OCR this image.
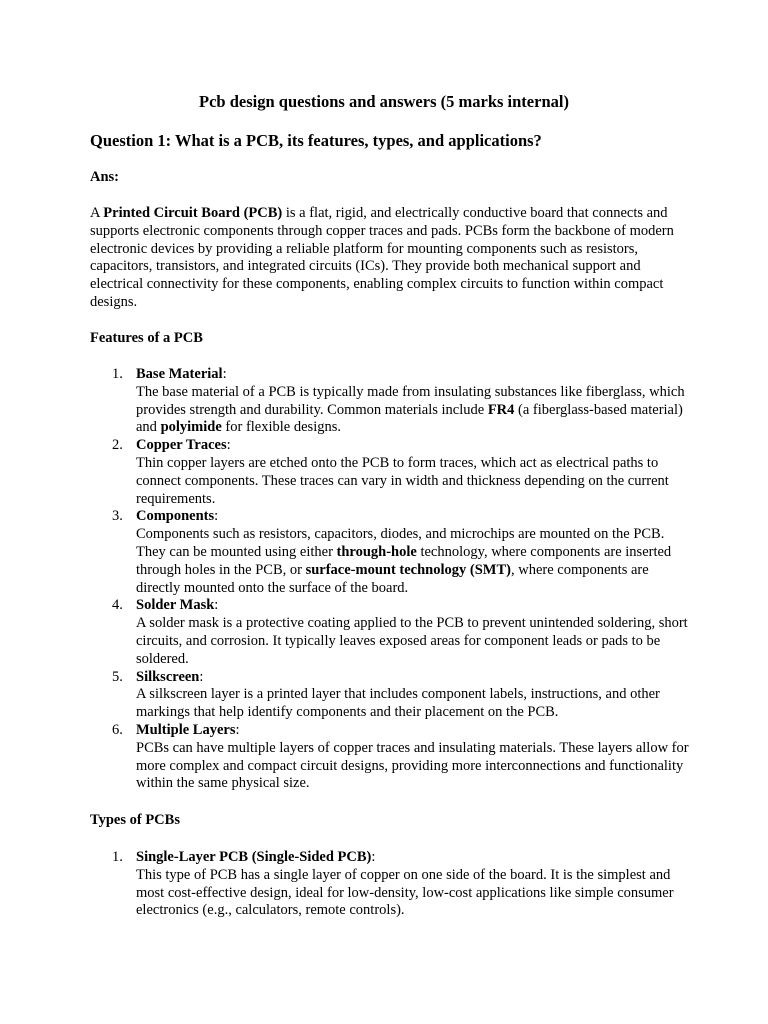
Pcb design questions and answers (5 marks internal)
Question 1: What is a PCB, its features, types, and applications?

Ans:

A Printed Circuit Board (PCB) is a flat, rigid, and electrically conductive board that connects and supports electronic components through copper traces and pads. PCBs form the backbone of modern electronic devices by providing a reliable platform for mounting components such as resistors, capacitors, transistors, and integrated circuits (ICs). They provide both mechanical support and electrical connectivity for these components, enabling complex circuits to function within compact designs.

Features of a PCB
1. Base Material:
The base material of a PCB is typically made from insulating substances like fiberglass, which provides strength and durability. Common materials include FR4 (a fiberglass-based material) and polyimide for flexible designs.
2. Copper Traces:
Thin copper layers are etched onto the PCB to form traces, which act as electrical paths to connect components. These traces can vary in width and thickness depending on the current requirements.
3. Components:
Components such as resistors, capacitors, diodes, and microchips are mounted on the PCB. They can be mounted using either through-hole technology, where components are inserted through holes in the PCB, or surface-mount technology (SMT), where components are directly mounted onto the surface of the board.
4. Solder Mask:
A solder mask is a protective coating applied to the PCB to prevent unintended soldering, short circuits, and corrosion. It typically leaves exposed areas for component leads or pads to be soldered.
5. Silkscreen:
A silkscreen layer is a printed layer that includes component labels, instructions, and other markings that help identify components and their placement on the PCB.
6. Multiple Layers:
PCBs can have multiple layers of copper traces and insulating materials. These layers allow for more complex and compact circuit designs, providing more interconnections and functionality within the same physical size.
Types of PCBs
1. Single-Layer PCB (Single-Sided PCB):
This type of PCB has a single layer of copper on one side of the board. It is the simplest and most cost-effective design, ideal for low-density, low-cost applications like simple consumer electronics (e.g., calculators, remote controls).
